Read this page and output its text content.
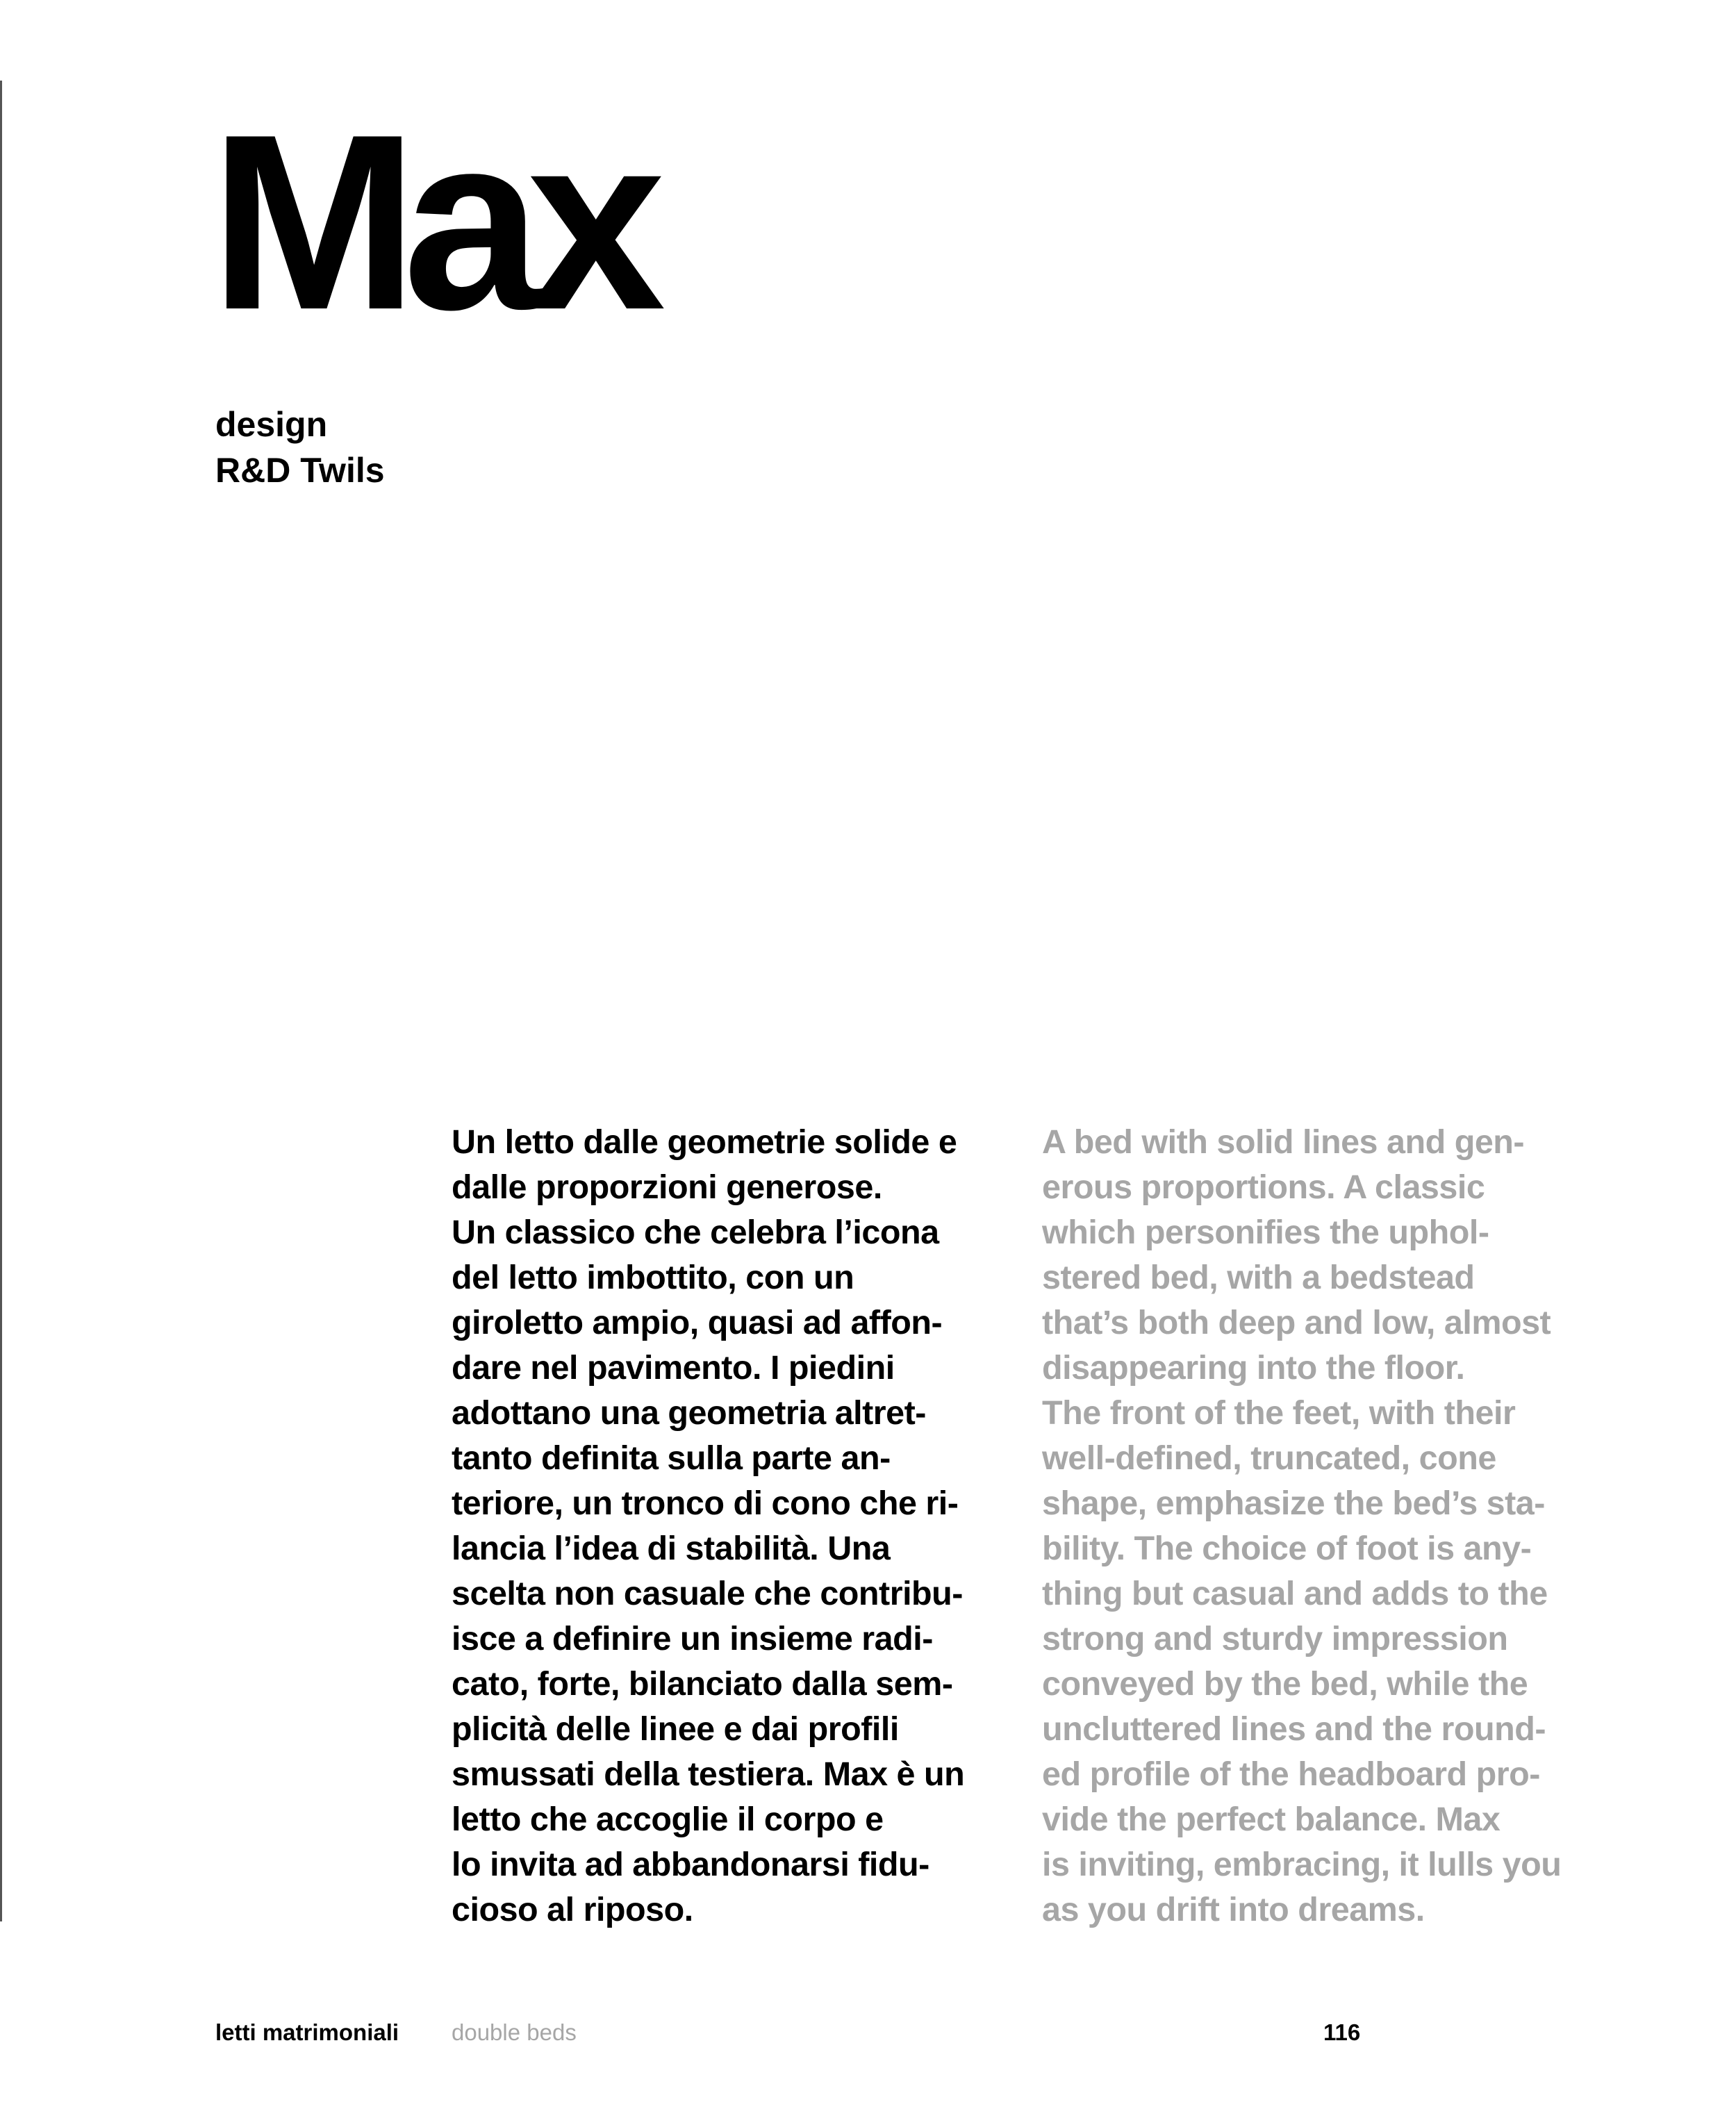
Max
design
R&D Twils
Un letto dalle geometrie solide e
dalle proporzioni generose.
Un classico che celebra l’icona
del letto imbottito, con un
giroletto ampio, quasi ad affon-
dare nel pavimento. I piedini
adottano una geometria altret-
tanto definita sulla parte an-
teriore, un tronco di cono che ri-
lancia l’idea di stabilità. Una
scelta non casuale che contribu-
isce a definire un insieme radi-
cato, forte, bilanciato dalla sem-
plicità delle linee e dai profili
smussati della testiera. Max è un
letto che accoglie il corpo e
lo invita ad abbandonarsi fidu-
cioso al riposo.
A bed with solid lines and gen-
erous proportions. A classic
which personifies the uphol-
stered bed, with a bedstead
that’s both deep and low, almost
disappearing into the floor.
The front of the feet, with their
well-defined, truncated, cone
shape, emphasize the bed’s sta-
bility. The choice of foot is any-
thing but casual and adds to the
strong and sturdy impression
conveyed by the bed, while the
uncluttered lines and the round-
ed profile of the headboard pro-
vide the perfect balance. Max
is inviting, embracing, it lulls you
as you drift into dreams.
letti matrimoniali double beds	116
